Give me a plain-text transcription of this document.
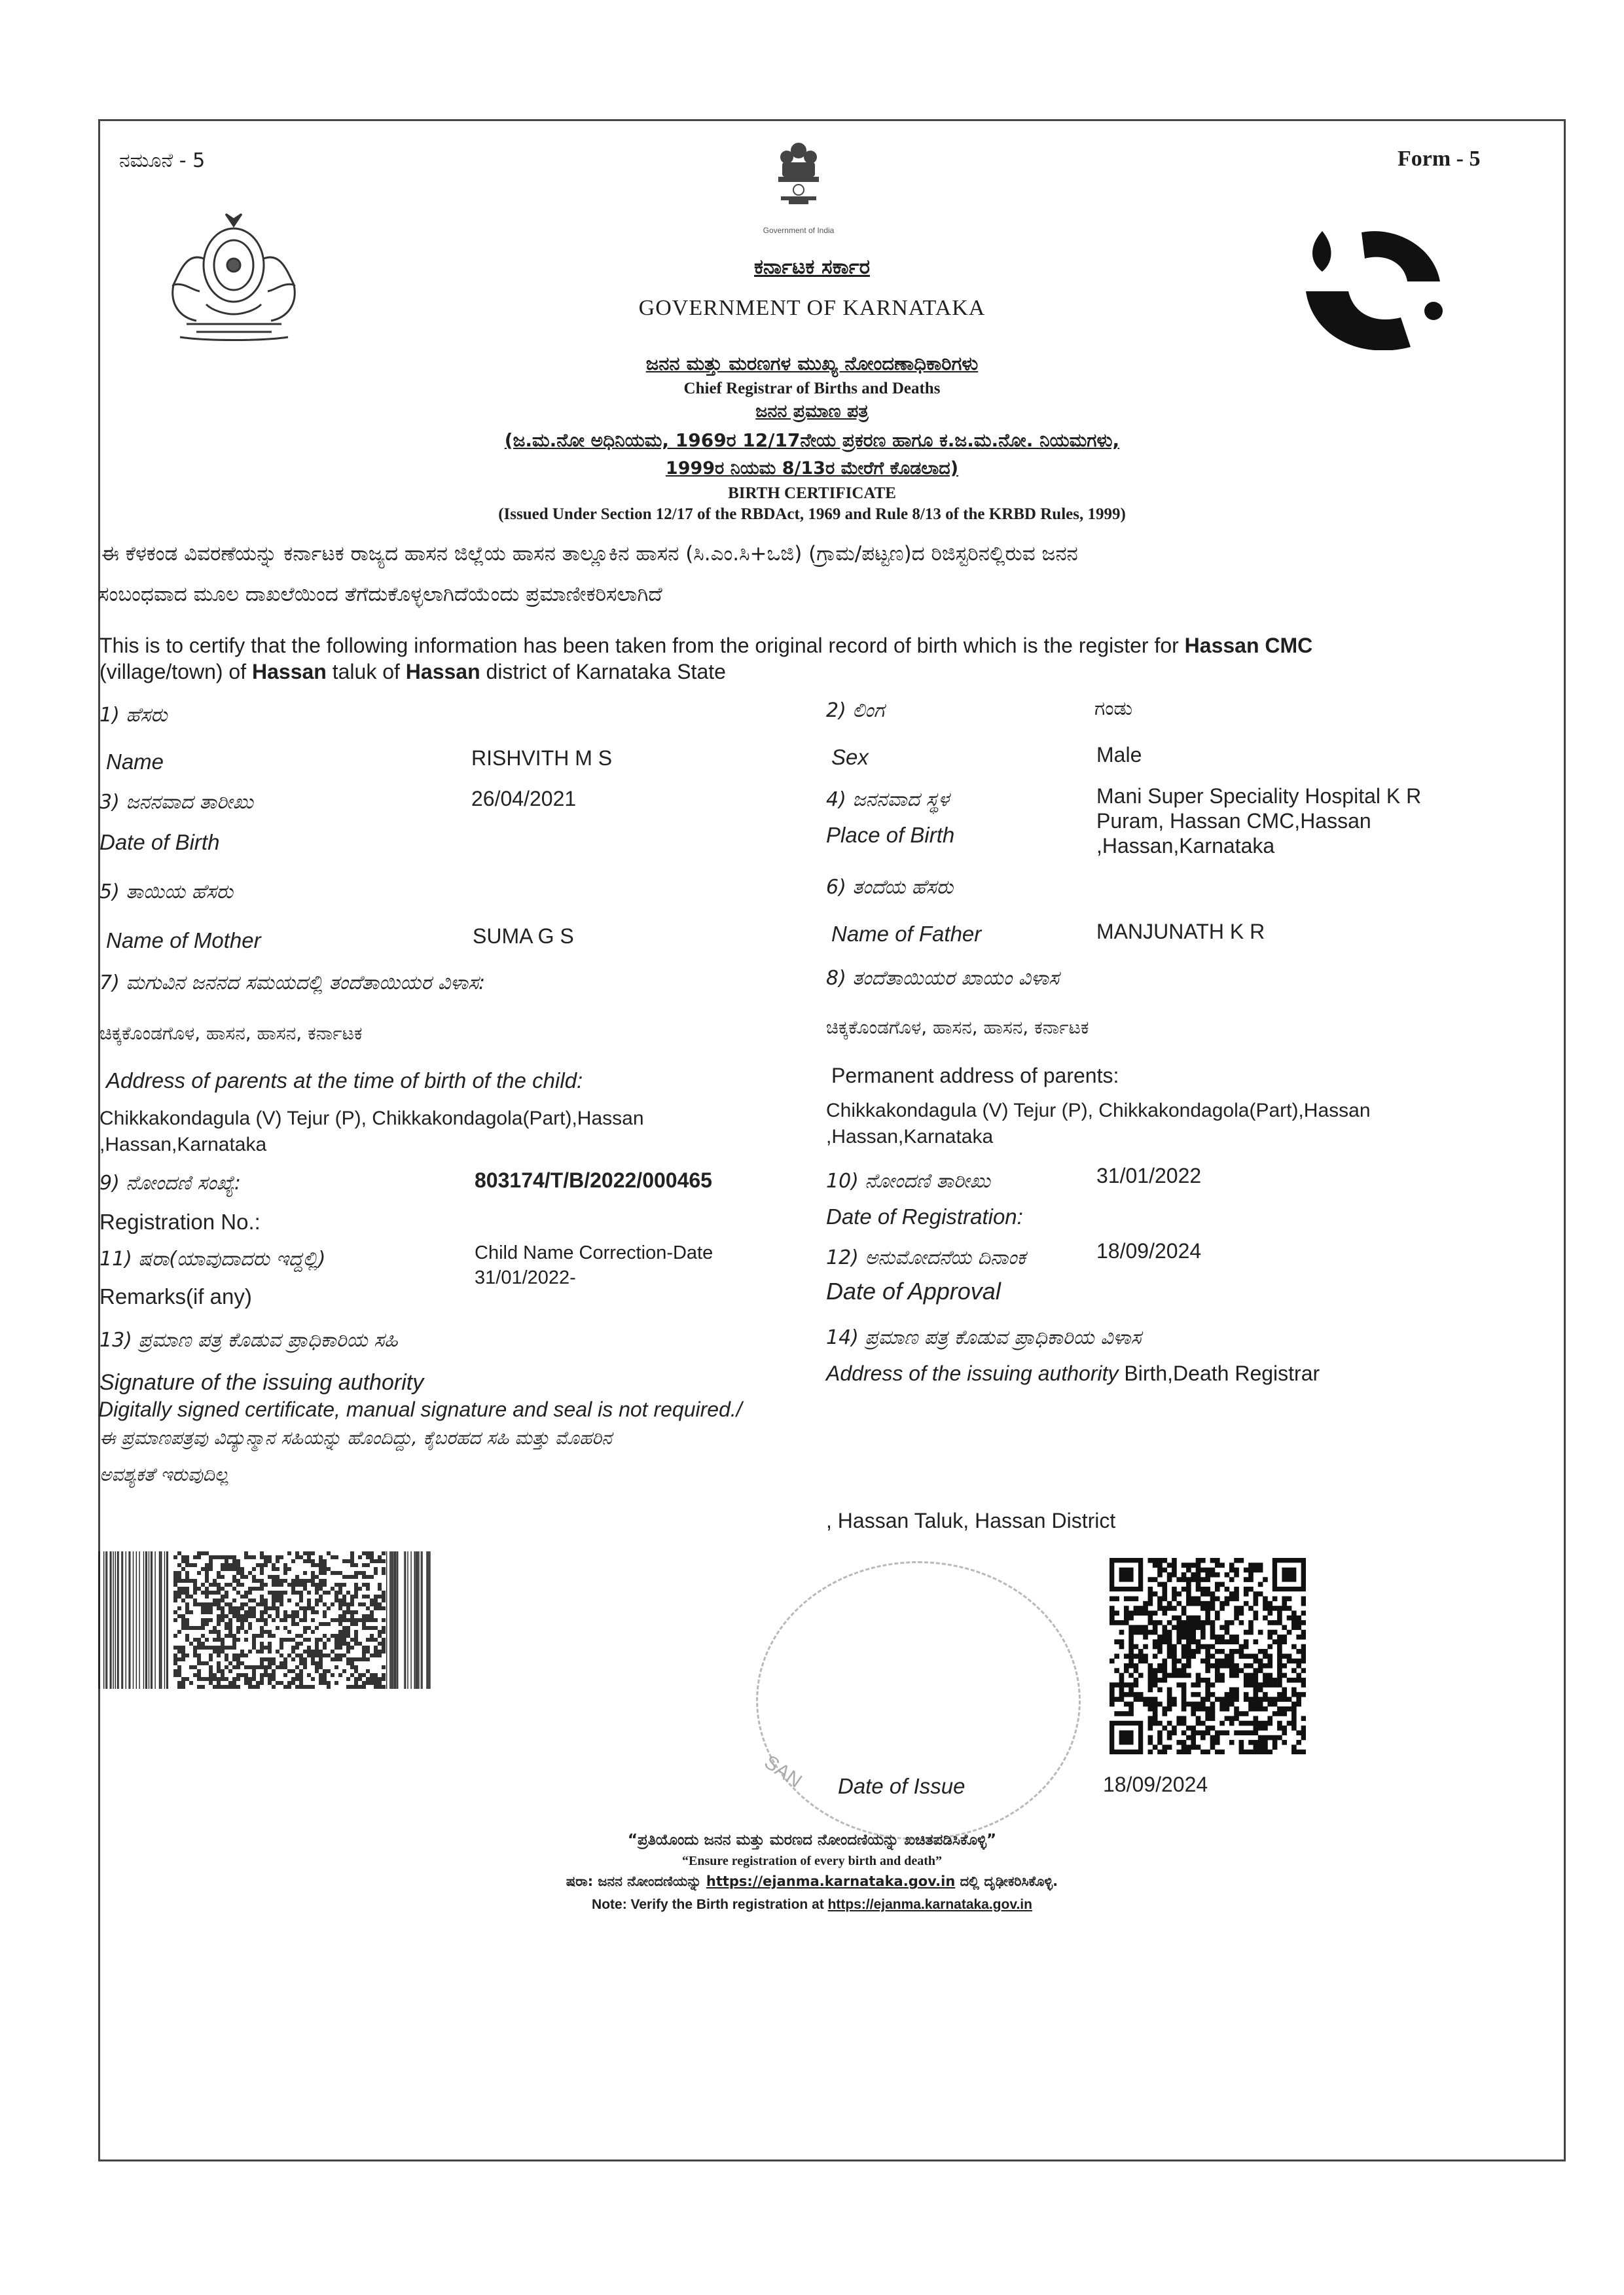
ನಮೂನೆ - 5	Form - 5
Government of India
ಕರ್ನಾಟಕ ಸರ್ಕಾರ
GOVERNMENT OF KARNATAKA
ಜನನ ಮತ್ತು ಮರಣಗಳ ಮುಖ್ಯ ನೋಂದಣಾಧಿಕಾರಿಗಳು
Chief Registrar of Births and Deaths
ಜನನ ಪ್ರಮಾಣ ಪತ್ರ
(ಜ.ಮ.ನೋ ಅಧಿನಿಯಮ, 1969ರ 12/17ನೇಯ ಪ್ರಕರಣ ಹಾಗೂ ಕ.ಜ.ಮ.ನೋ. ನಿಯಮಗಳು,
1999ರ ನಿಯಮ 8/13ರ ಮೇರೆಗೆ ಕೊಡಲಾದ)
BIRTH CERTIFICATE
(Issued Under Section 12/17 of the RBDAct, 1969 and Rule 8/13 of the KRBD Rules, 1999)
ಈ ಕೆಳಕಂಡ ವಿವರಣೆಯನ್ನು ಕರ್ನಾಟಕ ರಾಜ್ಯದ ಹಾಸನ ಜಿಲ್ಲೆಯ ಹಾಸನ ತಾಲ್ಲೂಕಿನ ಹಾಸನ (ಸಿ.ಎಂ.ಸಿ+ಒಜಿ) (ಗ್ರಾಮ/ಪಟ್ಟಣ)ದ ರಿಜಿಸ್ಟರಿನಲ್ಲಿರುವ ಜನನ
ಸಂಬಂಧವಾದ ಮೂಲ ದಾಖಲೆಯಿಂದ ತೆಗೆದುಕೊಳ್ಳಲಾಗಿದೆಯೆಂದು ಪ್ರಮಾಣೀಕರಿಸಲಾಗಿದೆ
This is to certify that the following information has been taken from the original record of birth which is the register for Hassan CMC
(village/town) of Hassan taluk of Hassan district of Karnataka State
1) ಹೆಸರು
Name	RISHVITH M S
3) ಜನನವಾದ ತಾರೀಖು
Date of Birth
26/04/2021
5) ತಾಯಿಯ ಹೆಸರು
Name of Mother	SUMA G S
7) ಮಗುವಿನ ಜನನದ ಸಮಯದಲ್ಲಿ ತಂದೆತಾಯಿಯರ ವಿಳಾಸ:
ಚಿಕ್ಕಕೊಂಡಗೊಳ, ಹಾಸನ, ಹಾಸನ, ಕರ್ನಾಟಕ
Address of parents at the time of birth of the child:
Chikkakondagula (V) Tejur (P), Chikkakondagola(Part),Hassan
,Hassan,Karnataka
9) ನೋಂದಣಿ ಸಂಖ್ಯೆ:
Registration No.:
803174/T/B/2022/000465
11) ಷರಾ(ಯಾವುದಾದರು ಇದ್ದಲ್ಲಿ)
Remarks(if any)
Child Name Correction-Date
31/01/2022-
13) ಪ್ರಮಾಣ ಪತ್ರ ಕೊಡುವ ಪ್ರಾಧಿಕಾರಿಯ ಸಹಿ
Signature of the issuing authority
Digitally signed certificate, manual signature and seal is not required./
ಈ ಪ್ರಮಾಣಪತ್ರವು ವಿದ್ಯುನ್ಮಾನ ಸಹಿಯನ್ನು ಹೊಂದಿದ್ದು, ಕೈಬರಹದ ಸಹಿ ಮತ್ತು ಮೊಹರಿನ
ಅವಶ್ಯಕತೆ ಇರುವುದಿಲ್ಲ
2) ಲಿಂಗ	ಗಂಡು
Sex	Male
4) ಜನನವಾದ ಸ್ಥಳ
Place of Birth
Mani Super Speciality Hospital K R
Puram, Hassan CMC,Hassan
,Hassan,Karnataka
6) ತಂದೆಯ ಹೆಸರು
Name of Father	MANJUNATH K R
8) ತಂದೆತಾಯಿಯರ ಖಾಯಂ ವಿಳಾಸ
ಚಿಕ್ಕಕೊಂಡಗೊಳ, ಹಾಸನ, ಹಾಸನ, ಕರ್ನಾಟಕ
Permanent address of parents:
Chikkakondagula (V) Tejur (P), Chikkakondagola(Part),Hassan
,Hassan,Karnataka
10) ನೋಂದಣಿ ತಾರೀಖು
Date of Registration:
31/01/2022
12) ಅನುಮೋದನೆಯ ದಿನಾಂಕ
Date of Approval
18/09/2024
14) ಪ್ರಮಾಣ ಪತ್ರ ಕೊಡುವ ಪ್ರಾಧಿಕಾರಿಯ ವಿಳಾಸ
Address of the issuing authority Birth,Death Registrar
, Hassan Taluk, Hassan District
SAN Date of Issue	18/09/2024
“ಪ್ರತಿಯೊಂದು ಜನನ ಮತ್ತು ಮರಣದ ನೋಂದಣಿಯನ್ನು ಖಚಿತಪಡಿಸಿಕೊಳ್ಳಿ”
“Ensure registration of every birth and death”
ಷರಾ: ಜನನ ನೋಂದಣಿಯನ್ನು https://ejanma.karnataka.gov.in ದಲ್ಲಿ ದೃಢೀಕರಿಸಿಕೊಳ್ಳಿ.
Note: Verify the Birth registration at https://ejanma.karnataka.gov.in
